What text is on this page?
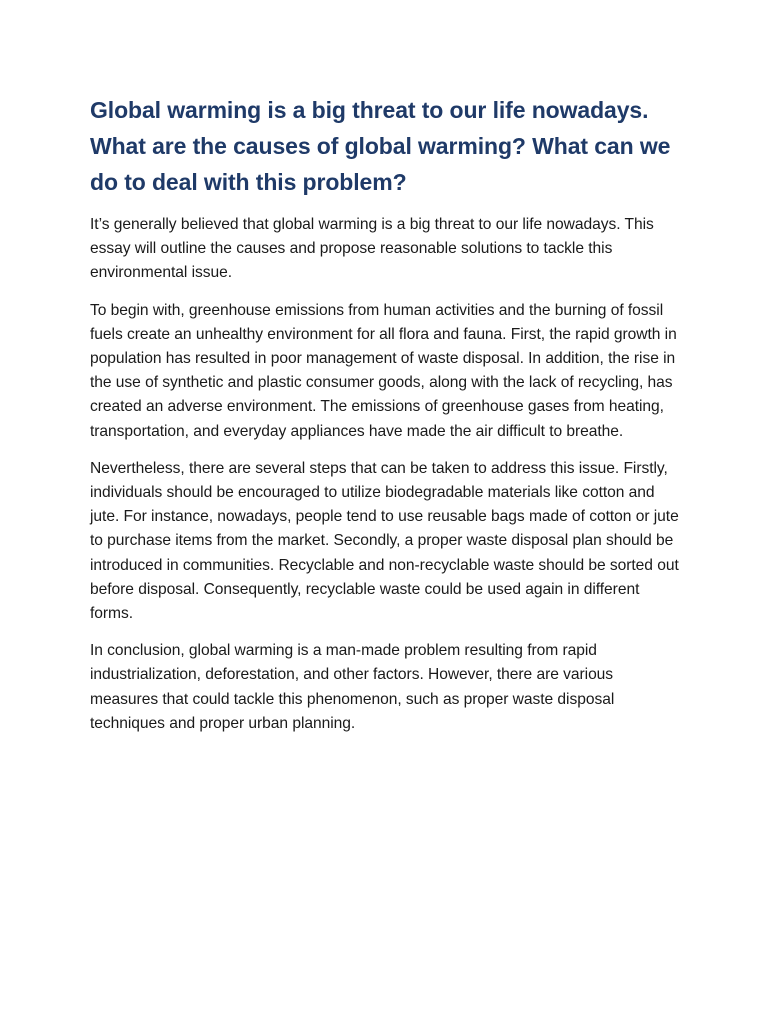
Global warming is a big threat to our life nowadays. What are the causes of global warming? What can we do to deal with this problem?

It’s generally believed that global warming is a big threat to our life nowadays. This essay will outline the causes and propose reasonable solutions to tackle this environmental issue.

To begin with, greenhouse emissions from human activities and the burning of fossil fuels create an unhealthy environment for all flora and fauna. First, the rapid growth in population has resulted in poor management of waste disposal. In addition, the rise in the use of synthetic and plastic consumer goods, along with the lack of recycling, has created an adverse environment. The emissions of greenhouse gases from heating, transportation, and everyday appliances have made the air difficult to breathe.

Nevertheless, there are several steps that can be taken to address this issue. Firstly, individuals should be encouraged to utilize biodegradable materials like cotton and jute. For instance, nowadays, people tend to use reusable bags made of cotton or jute to purchase items from the market. Secondly, a proper waste disposal plan should be introduced in communities. Recyclable and non-recyclable waste should be sorted out before disposal. Consequently, recyclable waste could be used again in different forms.

In conclusion, global warming is a man-made problem resulting from rapid industrialization, deforestation, and other factors. However, there are various measures that could tackle this phenomenon, such as proper waste disposal techniques and proper urban planning.
